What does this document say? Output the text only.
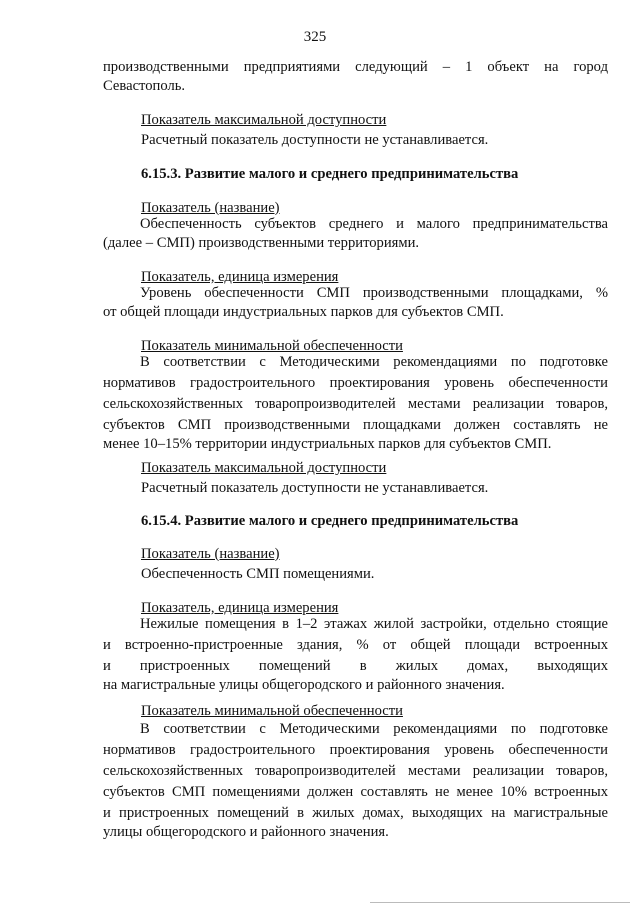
325

производственными предприятиями следующий – 1 объект на город

Севастополь.

Показатель максимальной доступности

Расчетный показатель доступности не устанавливается.

6.15.3. Развитие малого и среднего предпринимательства

Показатель (название)

Обеспеченность субъектов среднего и малого предпринимательства

(далее – СМП) производственными территориями.

Показатель, единица измерения

Уровень обеспеченности СМП производственными площадками, %

от общей площади индустриальных парков для субъектов СМП.

Показатель минимальной обеспеченности

В соответствии с Методическими рекомендациями по подготовке

нормативов градостроительного проектирования уровень обеспеченности

сельскохозяйственных товаропроизводителей местами реализации товаров,

субъектов СМП производственными площадками должен составлять не

менее 10–15% территории индустриальных парков для субъектов СМП.

Показатель максимальной доступности

Расчетный показатель доступности не устанавливается.

6.15.4. Развитие малого и среднего предпринимательства

Показатель (название)

Обеспеченность СМП помещениями.

Показатель, единица измерения

Нежилые помещения в 1–2 этажах жилой застройки, отдельно стоящие

и встроенно-пристроенные здания, % от общей площади встроенных

и пристроенных помещений в жилых домах, выходящих

на магистральные улицы общегородского и районного значения.

Показатель минимальной обеспеченности

В соответствии с Методическими рекомендациями по подготовке

нормативов градостроительного проектирования уровень обеспеченности

сельскохозяйственных товаропроизводителей местами реализации товаров,

субъектов СМП помещениями должен составлять не менее 10% встроенных

и пристроенных помещений в жилых домах, выходящих на магистральные

улицы общегородского и районного значения.
